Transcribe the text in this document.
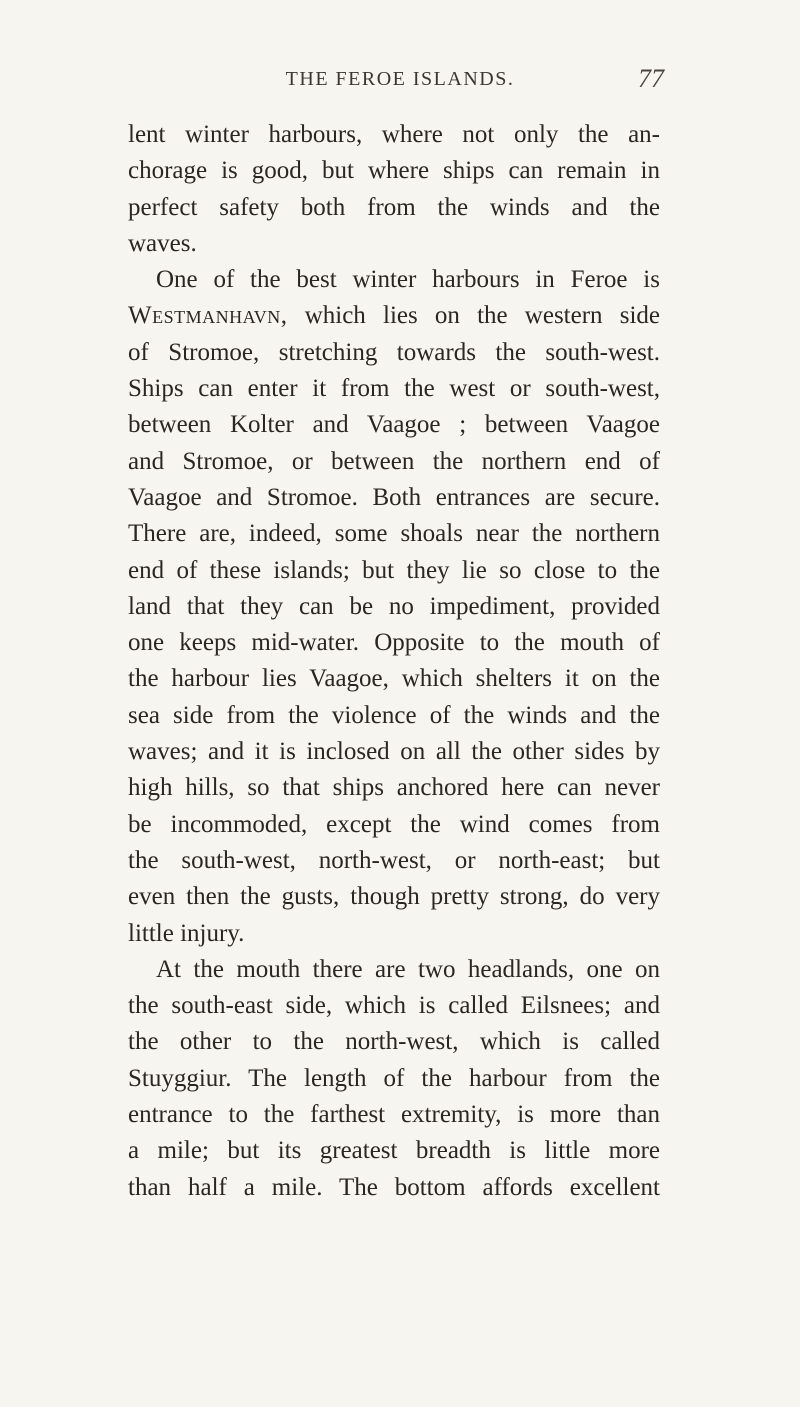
THE FEROE ISLANDS.	77
lent winter harbours, where not only the an-
chorage is good, but where ships can remain in
perfect safety both from the winds and the
waves.
One of the best winter harbours in Feroe is
Westmanhavn, which lies on the western side
of Stromoe, stretching towards the south-west.
Ships can enter it from the west or south-west,
between Kolter and Vaagoe ; between Vaagoe
and Stromoe, or between the northern end of
Vaagoe and Stromoe. Both entrances are secure.
There are, indeed, some shoals near the northern
end of these islands; but they lie so close to the
land that they can be no impediment, provided
one keeps mid-water. Opposite to the mouth of
the harbour lies Vaagoe, which shelters it on the
sea side from the violence of the winds and the
waves; and it is inclosed on all the other sides by
high hills, so that ships anchored here can never
be incommoded, except the wind comes from
the south-west, north-west, or north-east; but
even then the gusts, though pretty strong, do very
little injury.
At the mouth there are two headlands, one on
the south-east side, which is called Eilsnees; and
the other to the north-west, which is called
Stuyggiur. The length of the harbour from the
entrance to the farthest extremity, is more than
a mile; but its greatest breadth is little more
than half a mile. The bottom affords excellent
